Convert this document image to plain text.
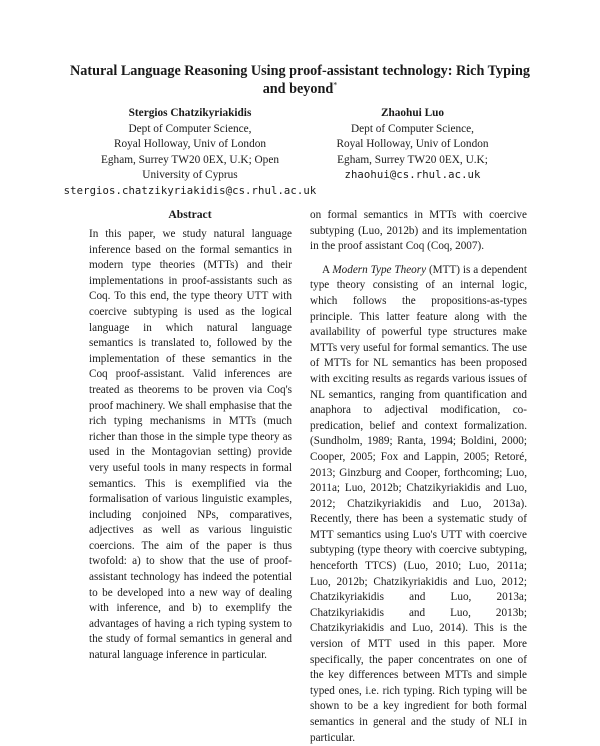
Natural Language Reasoning Using proof-assistant technology: Rich Typing and beyond*
Stergios Chatzikyriakidis
Dept of Computer Science,
Royal Holloway, Univ of London
Egham, Surrey TW20 0EX, U.K; Open
University of Cyprus
stergios.chatzikyriakidis@cs.rhul.ac.uk
Zhaohui Luo
Dept of Computer Science,
Royal Holloway, Univ of London
Egham, Surrey TW20 0EX, U.K;
zhaohui@cs.rhul.ac.uk
Abstract

In this paper, we study natural language inference based on the formal semantics in modern type theories (MTTs) and their implementations in proof-assistants such as Coq. To this end, the type theory UTT with coercive subtyping is used as the logical language in which natural language semantics is translated to, followed by the implementation of these semantics in the Coq proof-assistant. Valid inferences are treated as theorems to be proven via Coq's proof machinery. We shall emphasise that the rich typing mechanisms in MTTs (much richer than those in the simple type theory as used in the Montagovian setting) provide very useful tools in many respects in formal semantics. This is exemplified via the formalisation of various linguistic examples, including conjoined NPs, comparatives, adjectives as well as various linguistic coercions. The aim of the paper is thus twofold: a) to show that the use of proof-assistant technology has indeed the potential to be developed into a new way of dealing with inference, and b) to exemplify the advantages of having a rich typing system to the study of formal semantics in general and natural language inference in particular.

on formal semantics in MTTs with coercive subtyping (Luo, 2012b) and its implementation in the proof assistant Coq (Coq, 2007).

A Modern Type Theory (MTT) is a dependent type theory consisting of an internal logic, which follows the propositions-as-types principle. This latter feature along with the availability of powerful type structures make MTTs very useful for formal semantics. The use of MTTs for NL semantics has been proposed with exciting results as regards various issues of NL semantics, ranging from quantification and anaphora to adjectival modification, co-predication, belief and context formalization. (Sundholm, 1989; Ranta, 1994; Boldini, 2000; Cooper, 2005; Fox and Lappin, 2005; Retoré, 2013; Ginzburg and Cooper, forthcoming; Luo, 2011a; Luo, 2012b; Chatzikyriakidis and Luo, 2012; Chatzikyriakidis and Luo, 2013a). Recently, there has been a systematic study of MTT semantics using Luo's UTT with coercive subtyping (type theory with coercive subtyping, henceforth TTCS) (Luo, 2010; Luo, 2011a; Luo, 2012b; Chatzikyriakidis and Luo, 2012; Chatzikyriakidis and Luo, 2013a; Chatzikyriakidis and Luo, 2013b; Chatzikyriakidis and Luo, 2014). This is the version of MTT used in this paper. More specifically, the paper concentrates on one of the key differences between MTTs and simple typed ones, i.e. rich typing. Rich typing will be shown to be a key ingredient for both formal semantics in general and the study of NLI in particular.
